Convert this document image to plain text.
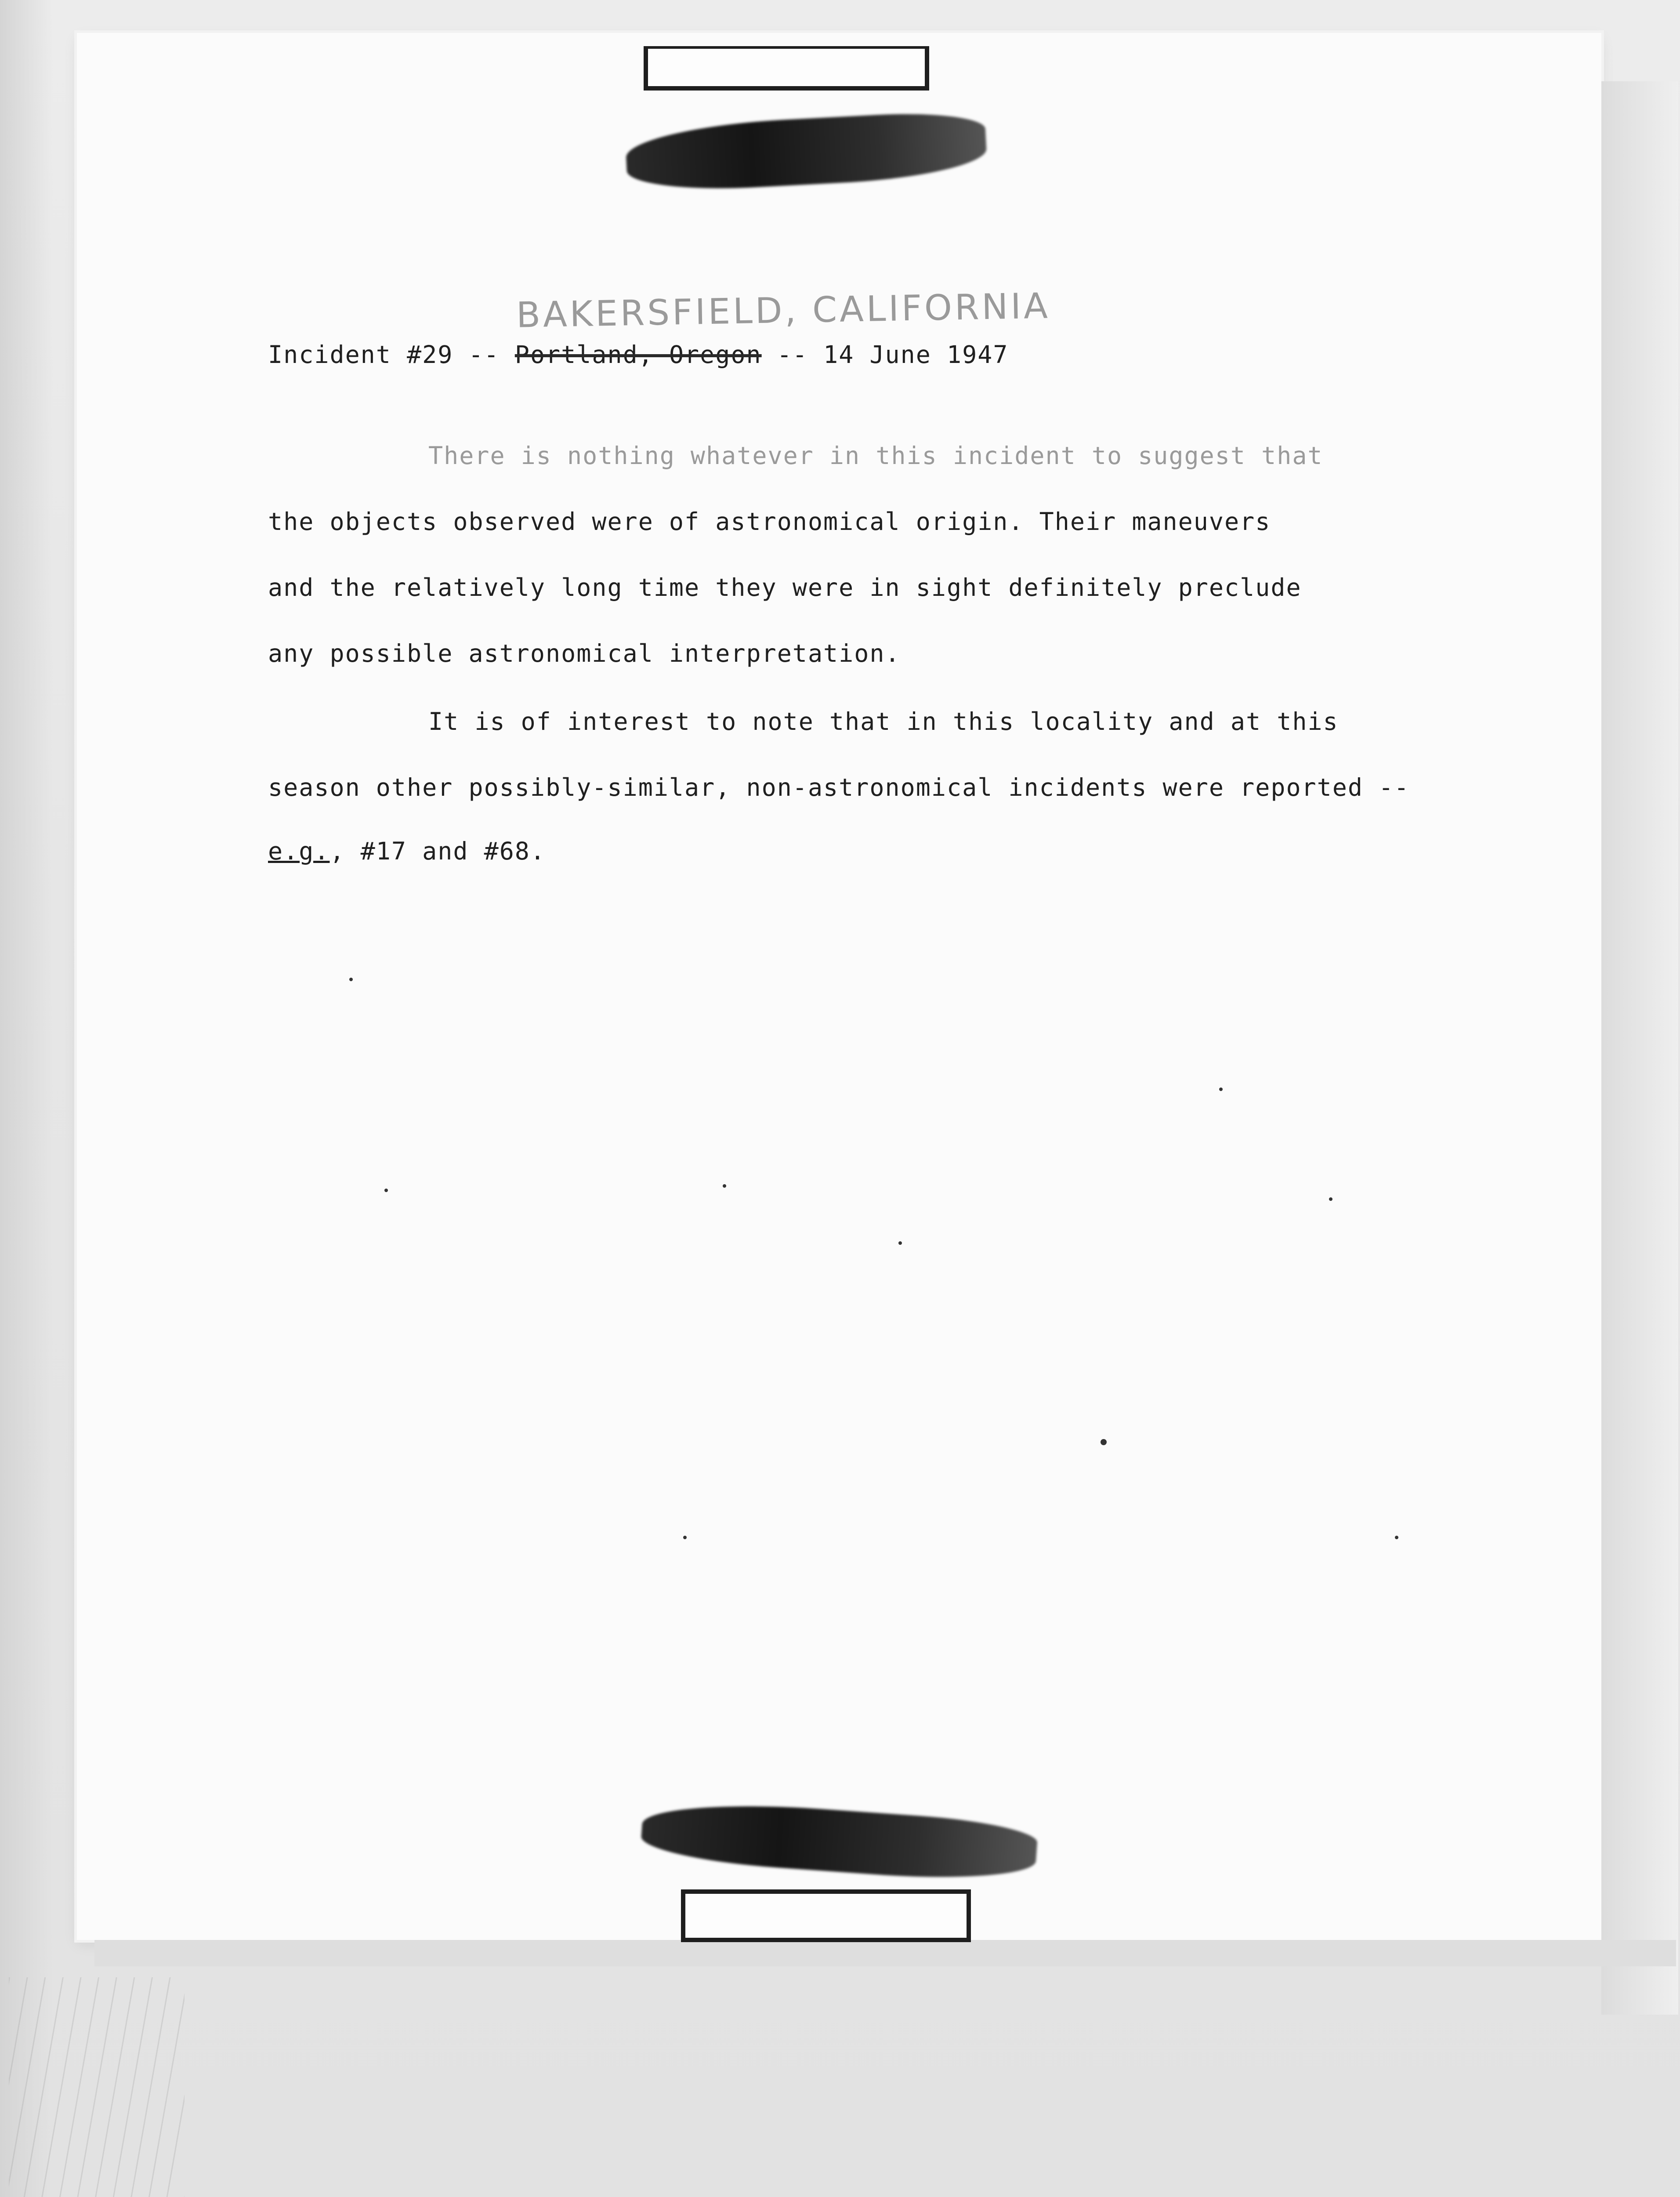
BAKERSFIELD, CALIFORNIA

Incident #29 -- Portland, Oregon -- 14 June 1947

There is nothing whatever in this incident to suggest that

the objects observed were of astronomical origin. Their maneuvers

and the relatively long time they were in sight definitely preclude

any possible astronomical interpretation.

It is of interest to note that in this locality and at this

season other possibly-similar, non-astronomical incidents were reported --

e.g., #17 and #68.
